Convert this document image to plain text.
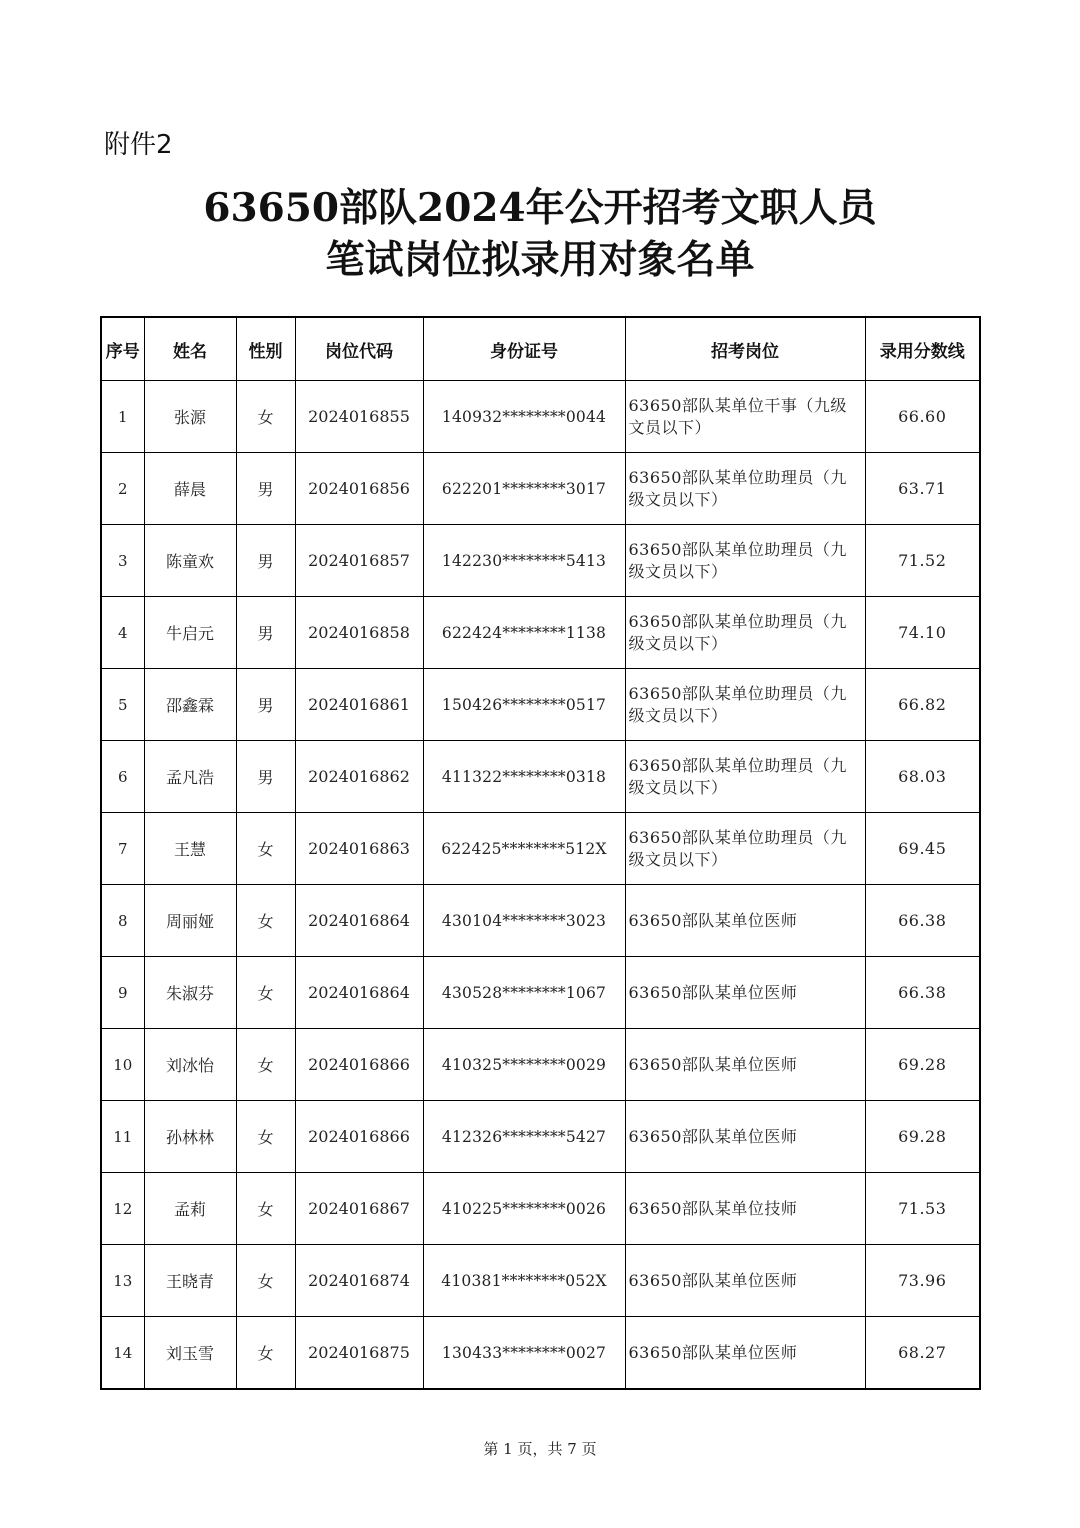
附件2
63650部队2024年公开招考文职人员
笔试岗位拟录用对象名单
序号	姓名	性别	岗位代码	身份证号	招考岗位	录用分数线
1	张源	女	2024016855	140932********0044	63650部队某单位干事（九级文员以下）	66.60
2	薛晨	男	2024016856	622201********3017	63650部队某单位助理员（九级文员以下）	63.71
3	陈童欢	男	2024016857	142230********5413	63650部队某单位助理员（九级文员以下）	71.52
4	牛启元	男	2024016858	622424********1138	63650部队某单位助理员（九级文员以下）	74.10
5	邵鑫霖	男	2024016861	150426********0517	63650部队某单位助理员（九级文员以下）	66.82
6	孟凡浩	男	2024016862	411322********0318	63650部队某单位助理员（九级文员以下）	68.03
7	王慧	女	2024016863	622425********512X	63650部队某单位助理员（九级文员以下）	69.45
8	周丽娅	女	2024016864	430104********3023	63650部队某单位医师	66.38
9	朱淑芬	女	2024016864	430528********1067	63650部队某单位医师	66.38
10	刘冰怡	女	2024016866	410325********0029	63650部队某单位医师	69.28
11	孙林林	女	2024016866	412326********5427	63650部队某单位医师	69.28
12	孟莉	女	2024016867	410225********0026	63650部队某单位技师	71.53
13	王晓青	女	2024016874	410381********052X	63650部队某单位医师	73.96
14	刘玉雪	女	2024016875	130433********0027	63650部队某单位医师	68.27
第 1 页，共 7 页
